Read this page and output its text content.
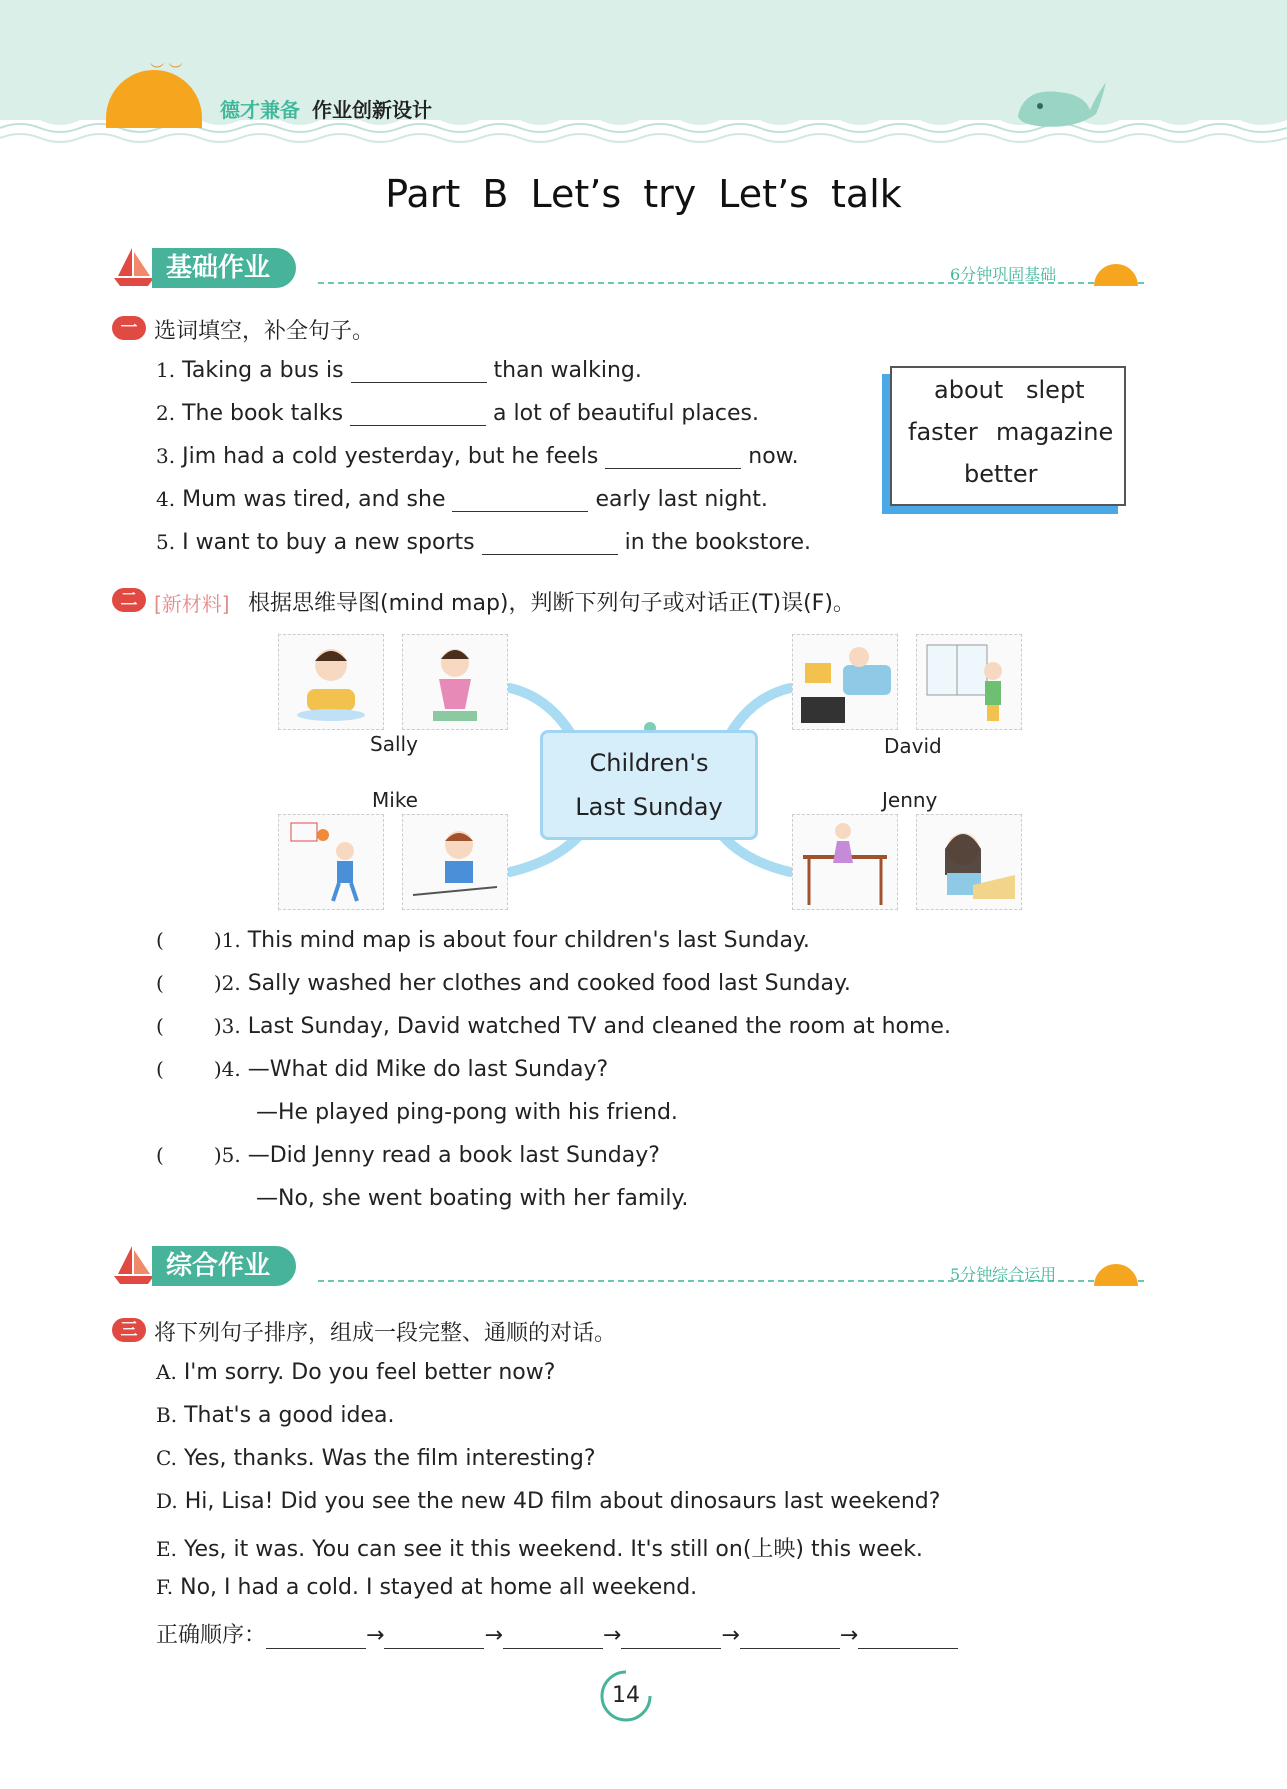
︶ ︶
德才兼备 作业创新设计
Part B Let’s try Let’s talk
基础作业	6分钟巩固基础
一 选词填空，补全句子。
1. Taking a bus is	than walking.
2. The book talks	a lot of beautiful places.
3. Jim had a cold yesterday, but he feels	now.
4. Mum was tired, and she	early last night.
5. I want to buy a new sports	in the bookstore.
about slept
faster magazine
better
二 [新材料] 根据思维导图(mind map)，判断下列句子或对话正(T)误(F)。
Children's
Last Sunday
Sally
Mike
David
Jenny
(	)1. This mind map is about four children's last Sunday.
(	)2. Sally washed her clothes and cooked food last Sunday.
(	)3. Last Sunday, David watched TV and cleaned the room at home.
(	)4. —What did Mike do last Sunday?
—He played ping-pong with his friend.
(	)5. —Did Jenny read a book last Sunday?
—No, she went boating with her family.
综合作业	5分钟综合运用
三 将下列句子排序，组成一段完整、通顺的对话。
A. I'm sorry. Do you feel better now?
B. That's a good idea.
C. Yes, thanks. Was the film interesting?
D. Hi, Lisa! Did you see the new 4D film about dinosaurs last weekend?
E. Yes, it was. You can see it this weekend. It's still on(上映) this week.
F. No, I had a cold. I stayed at home all weekend.
正确顺序：	→	→	→	→	→
14
